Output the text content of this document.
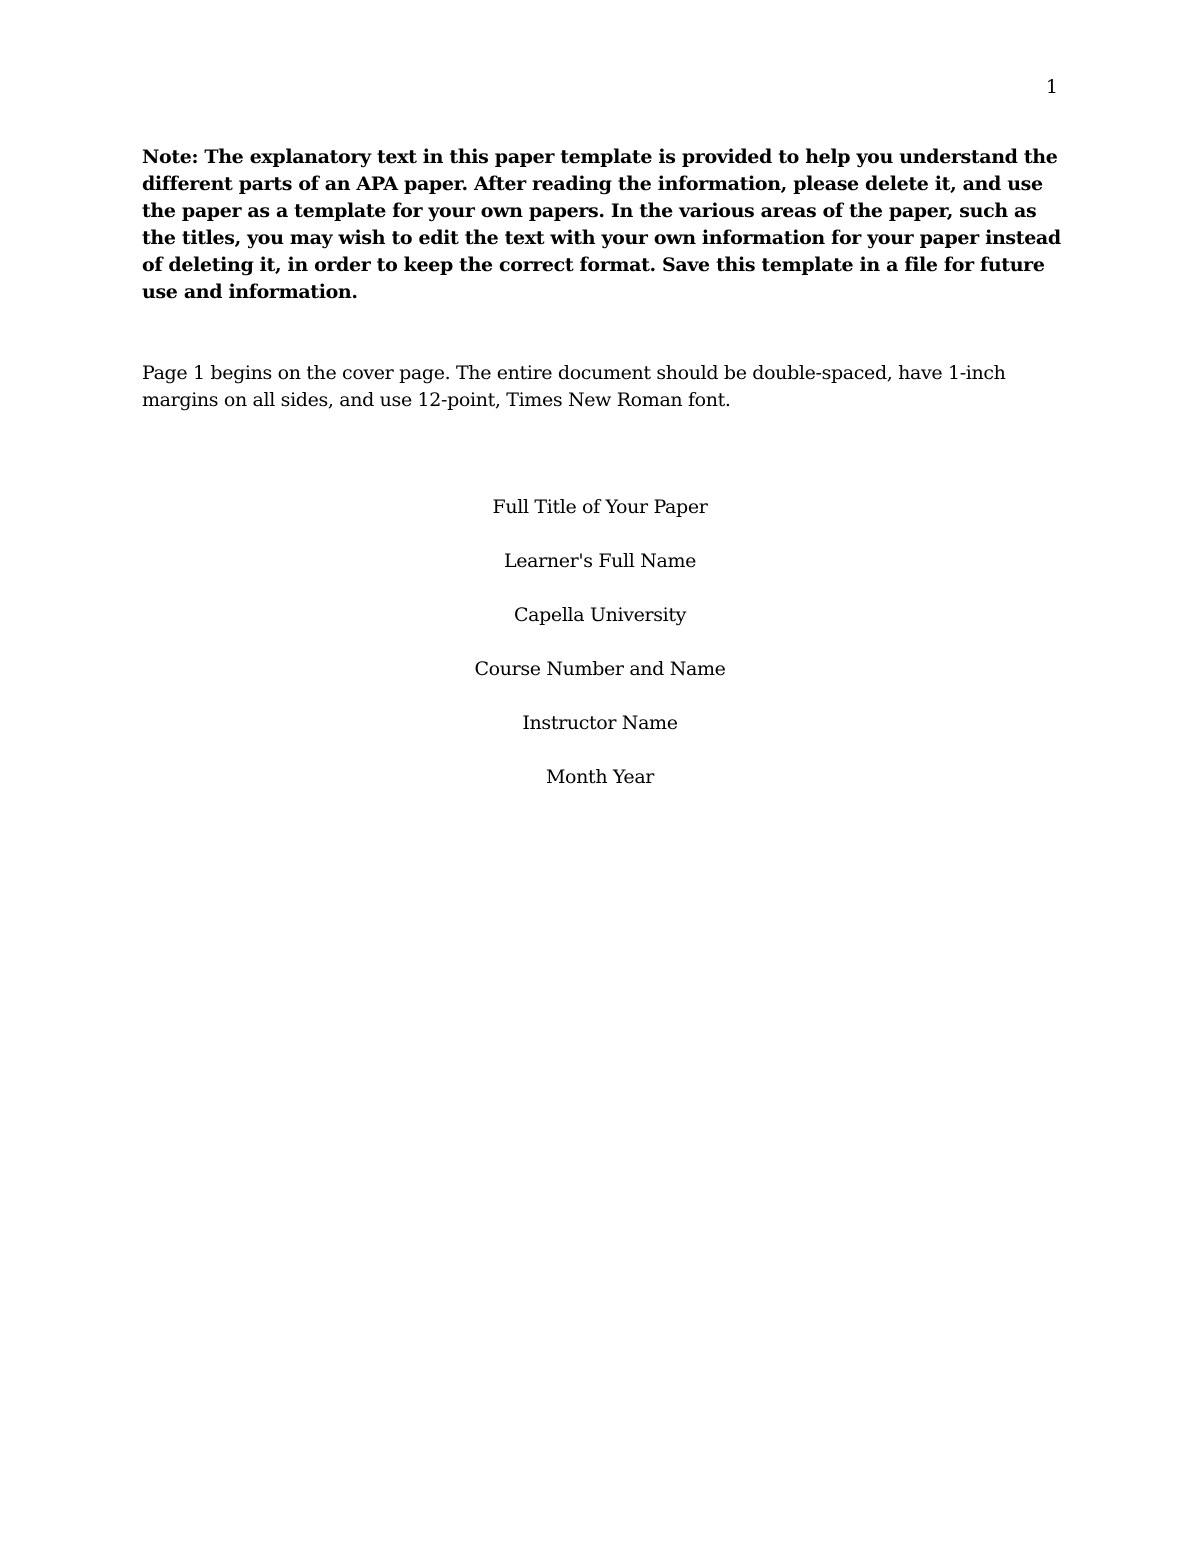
1
Note: The explanatory text in this paper template is provided to help you understand the different parts of an APA paper. After reading the information, please delete it, and use the paper as a template for your own papers. In the various areas of the paper, such as the titles, you may wish to edit the text with your own information for your paper instead of deleting it, in order to keep the correct format. Save this template in a file for future use and information.
Page 1 begins on the cover page. The entire document should be double-spaced, have 1-inch margins on all sides, and use 12-point, Times New Roman font.
Full Title of Your Paper
Learner's Full Name
Capella University
Course Number and Name
Instructor Name
Month Year
